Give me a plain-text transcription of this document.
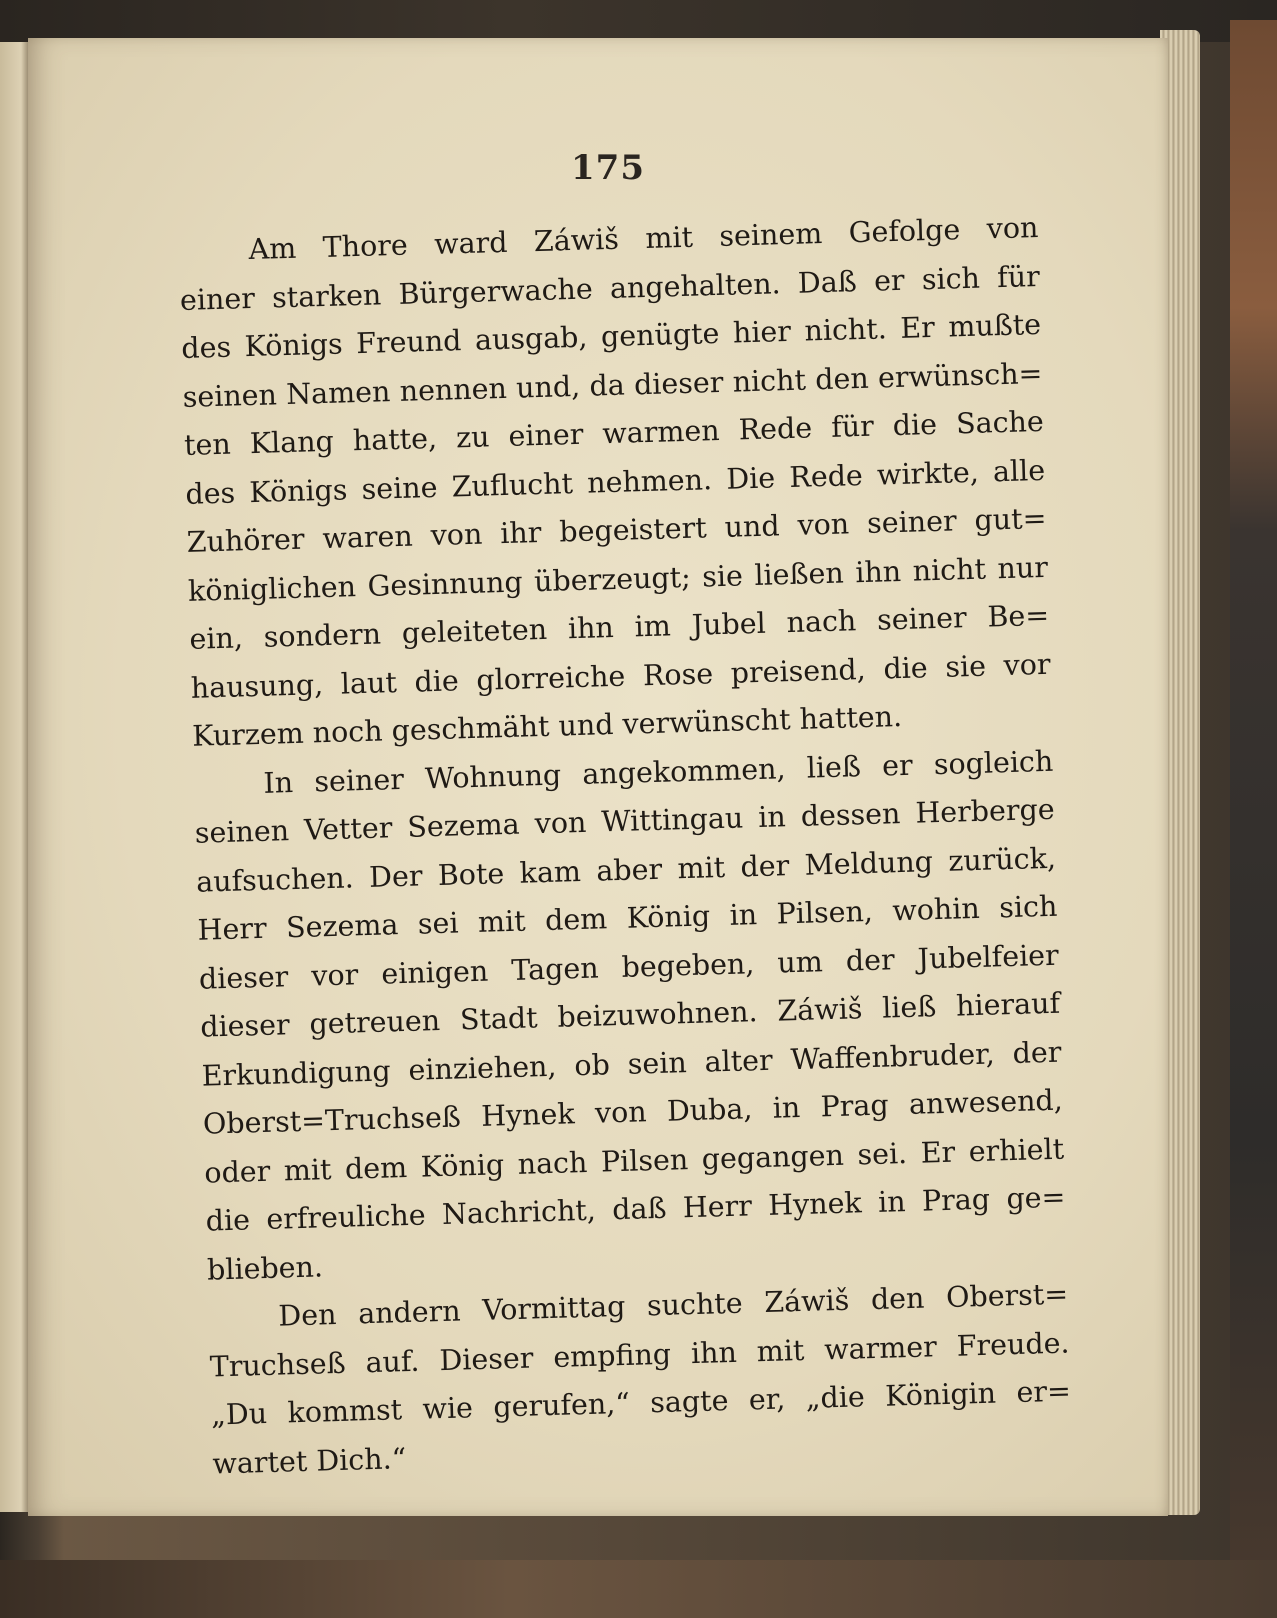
175

Am Thore ward Záwiš mit seinem Gefolge von
einer starken Bürgerwache angehalten. Daß er sich für
des Königs Freund ausgab, genügte hier nicht. Er mußte
seinen Namen nennen und, da dieser nicht den erwünsch=
ten Klang hatte, zu einer warmen Rede für die Sache
des Königs seine Zuflucht nehmen. Die Rede wirkte, alle
Zuhörer waren von ihr begeistert und von seiner gut=
königlichen Gesinnung überzeugt; sie ließen ihn nicht nur
ein, sondern geleiteten ihn im Jubel nach seiner Be=
hausung, laut die glorreiche Rose preisend, die sie vor
Kurzem noch geschmäht und verwünscht hatten.

In seiner Wohnung angekommen, ließ er sogleich
seinen Vetter Sezema von Wittingau in dessen Herberge
aufsuchen. Der Bote kam aber mit der Meldung zurück,
Herr Sezema sei mit dem König in Pilsen, wohin sich
dieser vor einigen Tagen begeben, um der Jubelfeier
dieser getreuen Stadt beizuwohnen. Záwiš ließ hierauf
Erkundigung einziehen, ob sein alter Waffenbruder, der
Oberst=Truchseß Hynek von Duba, in Prag anwesend,
oder mit dem König nach Pilsen gegangen sei. Er erhielt
die erfreuliche Nachricht, daß Herr Hynek in Prag ge=
blieben.

Den andern Vormittag suchte Záwiš den Oberst=
Truchseß auf. Dieser empfing ihn mit warmer Freude.
„Du kommst wie gerufen,“ sagte er, „die Königin er=
wartet Dich.“
